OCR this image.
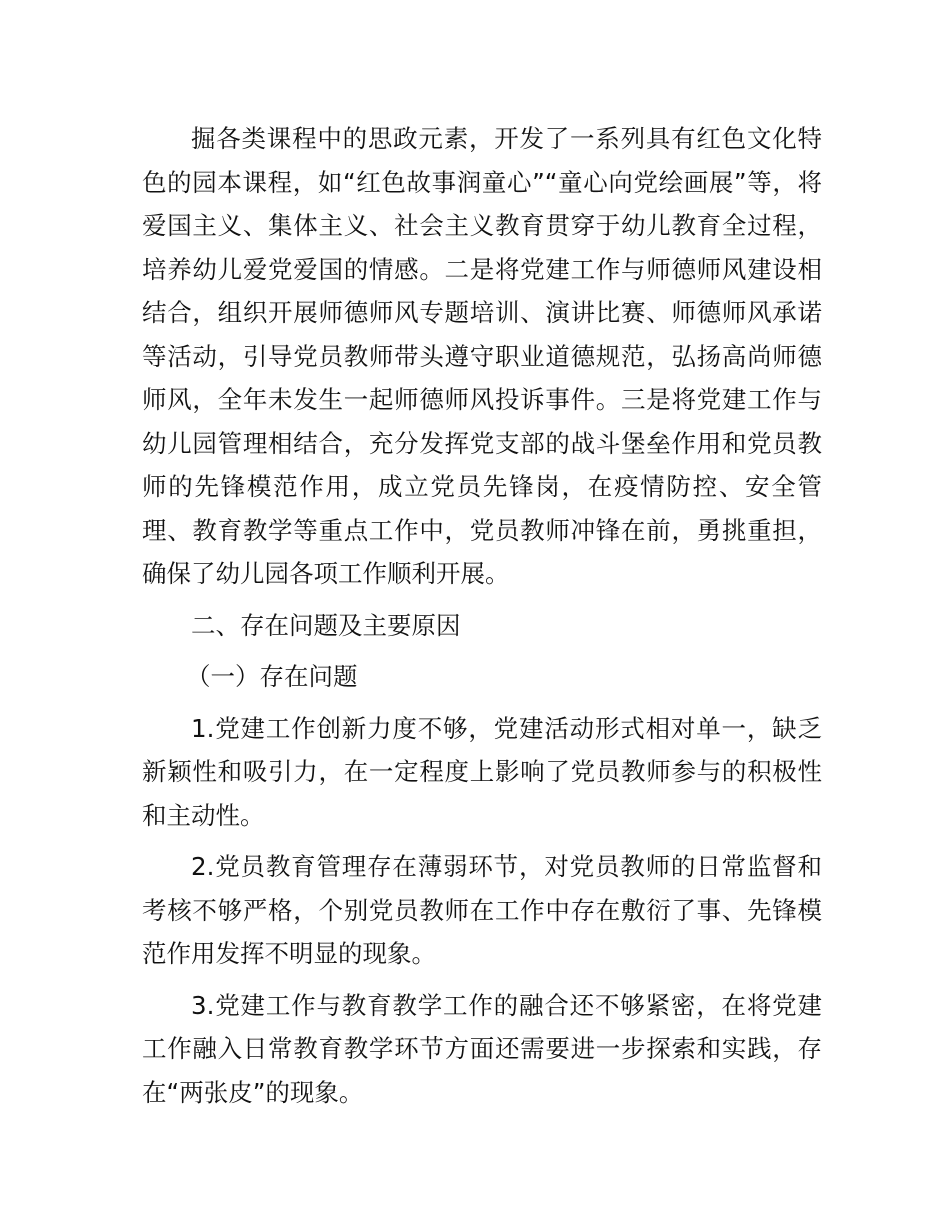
掘各类课程中的思政元素，开发了一系列具有红色文化特色的园本课程，如“红色故事润童心”“童心向党绘画展”等，将爱国主义、集体主义、社会主义教育贯穿于幼儿教育全过程，培养幼儿爱党爱国的情感。二是将党建工作与师德师风建设相结合，组织开展师德师风专题培训、演讲比赛、师德师风承诺等活动，引导党员教师带头遵守职业道德规范，弘扬高尚师德师风，全年未发生一起师德师风投诉事件。三是将党建工作与幼儿园管理相结合，充分发挥党支部的战斗堡垒作用和党员教师的先锋模范作用，成立党员先锋岗，在疫情防控、安全管理、教育教学等重点工作中，党员教师冲锋在前，勇挑重担，确保了幼儿园各项工作顺利开展。

二、存在问题及主要原因

（一）存在问题

1.党建工作创新力度不够，党建活动形式相对单一，缺乏新颖性和吸引力，在一定程度上影响了党员教师参与的积极性和主动性。

2.党员教育管理存在薄弱环节，对党员教师的日常监督和考核不够严格，个别党员教师在工作中存在敷衍了事、先锋模范作用发挥不明显的现象。

3.党建工作与教育教学工作的融合还不够紧密，在将党建工作融入日常教育教学环节方面还需要进一步探索和实践，存在“两张皮”的现象。
